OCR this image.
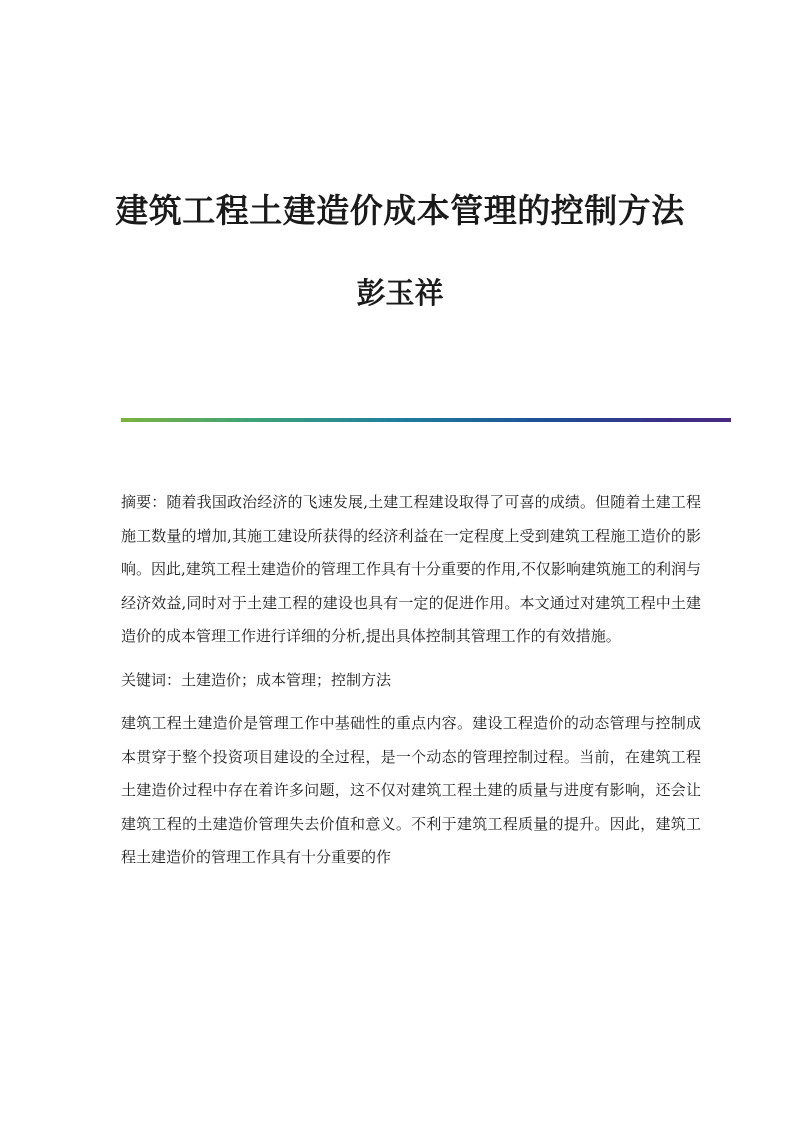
建筑工程土建造价成本管理的控制方法
彭玉祥

摘要：随着我国政治经济的飞速发展,土建工程建设取得了可喜的成绩。但随着土建工程施工数量的增加,其施工建设所获得的经济利益在一定程度上受到建筑工程施工造价的影响。因此,建筑工程土建造价的管理工作具有十分重要的作用,不仅影响建筑施工的利润与经济效益,同时对于土建工程的建设也具有一定的促进作用。本文通过对建筑工程中土建造价的成本管理工作进行详细的分析,提出具体控制其管理工作的有效措施。

关键词：土建造价；成本管理；控制方法

建筑工程土建造价是管理工作中基础性的重点内容。建设工程造价的动态管理与控制成本贯穿于整个投资项目建设的全过程，是一个动态的管理控制过程。当前，在建筑工程土建造价过程中存在着许多问题，这不仅对建筑工程土建的质量与进度有影响，还会让建筑工程的土建造价管理失去价值和意义。不利于建筑工程质量的提升。因此，建筑工程土建造价的管理工作具有十分重要的作
